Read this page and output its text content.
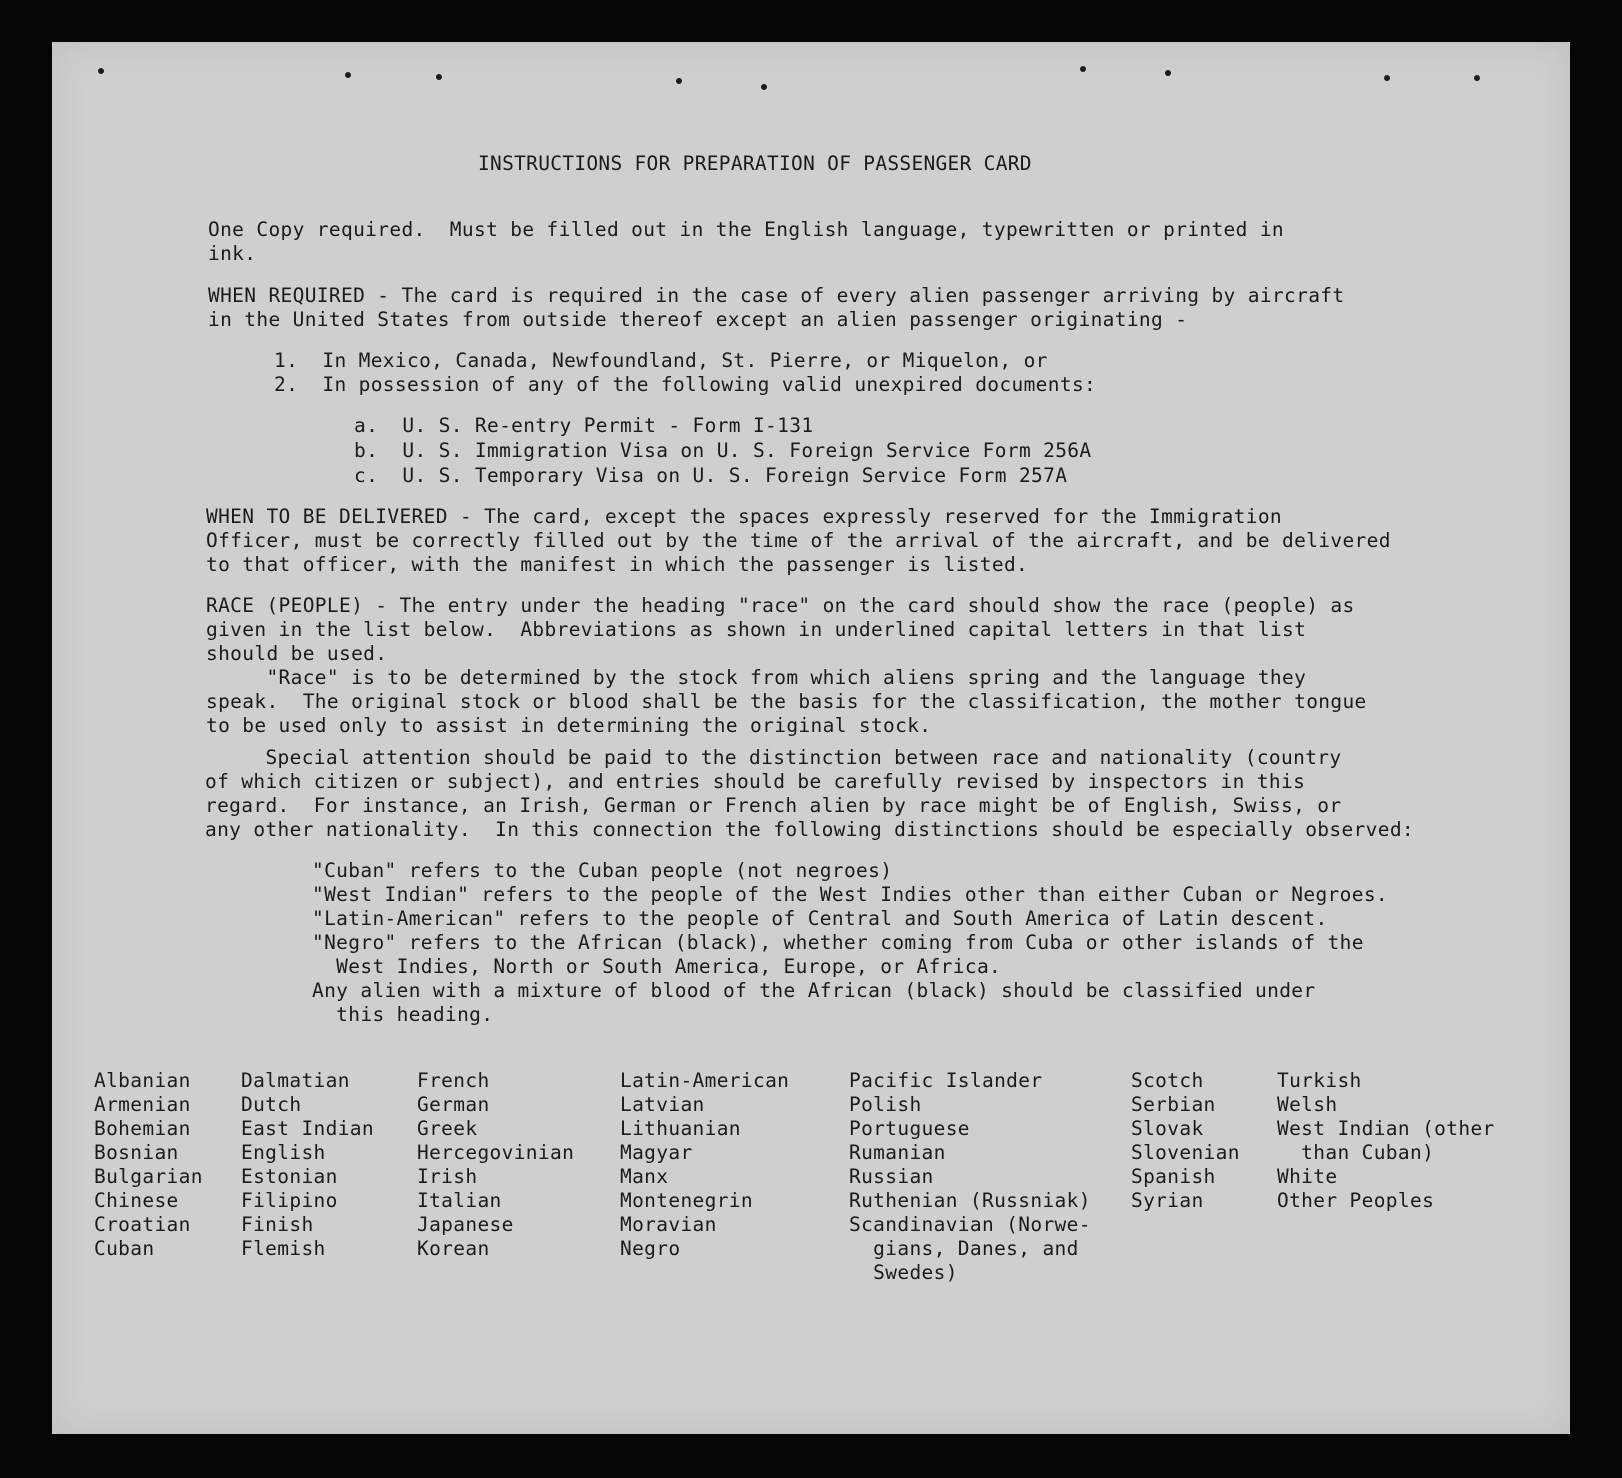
INSTRUCTIONS FOR PREPARATION OF PASSENGER CARD
One Copy required.  Must be filled out in the English language, typewritten or printed in
ink.
WHEN REQUIRED - The card is required in the case of every alien passenger arriving by aircraft
in the United States from outside thereof except an alien passenger originating -
1.  In Mexico, Canada, Newfoundland, St. Pierre, or Miquelon, or
2.  In possession of any of the following valid unexpired documents:
a.  U. S. Re-entry Permit - Form I-131
b.  U. S. Immigration Visa on U. S. Foreign Service Form 256A
c.  U. S. Temporary Visa on U. S. Foreign Service Form 257A
WHEN TO BE DELIVERED - The card, except the spaces expressly reserved for the Immigration
Officer, must be correctly filled out by the time of the arrival of the aircraft, and be delivered
to that officer, with the manifest in which the passenger is listed.
RACE (PEOPLE) - The entry under the heading "race" on the card should show the race (people) as
given in the list below.  Abbreviations as shown in underlined capital letters in that list
should be used.
"Race" is to be determined by the stock from which aliens spring and the language they
speak.  The original stock or blood shall be the basis for the classification, the mother tongue
to be used only to assist in determining the original stock.
Special attention should be paid to the distinction between race and nationality (country
of which citizen or subject), and entries should be carefully revised by inspectors in this
regard.  For instance, an Irish, German or French alien by race might be of English, Swiss, or
any other nationality.  In this connection the following distinctions should be especially observed:
"Cuban" refers to the Cuban people (not negroes)
"West Indian" refers to the people of the West Indies other than either Cuban or Negroes.
"Latin-American" refers to the people of Central and South America of Latin descent.
"Negro" refers to the African (black), whether coming from Cuba or other islands of the
West Indies, North or South America, Europe, or Africa.
Any alien with a mixture of blood of the African (black) should be classified under
this heading.
Albanian
Armenian
Bohemian
Bosnian
Bulgarian
Chinese
Croatian
Cuban
Dalmatian
Dutch
East Indian
English
Estonian
Filipino
Finish
Flemish
French
German
Greek
Hercegovinian
Irish
Italian
Japanese
Korean
Latin-American
Latvian
Lithuanian
Magyar
Manx
Montenegrin
Moravian
Negro
Pacific Islander
Polish
Portuguese
Rumanian
Russian
Ruthenian (Russniak)
Scandinavian (Norwe-
gians, Danes, and
Swedes)
Scotch
Serbian
Slovak
Slovenian
Spanish
Syrian
Turkish
Welsh
West Indian (other
than Cuban)
White
Other Peoples
